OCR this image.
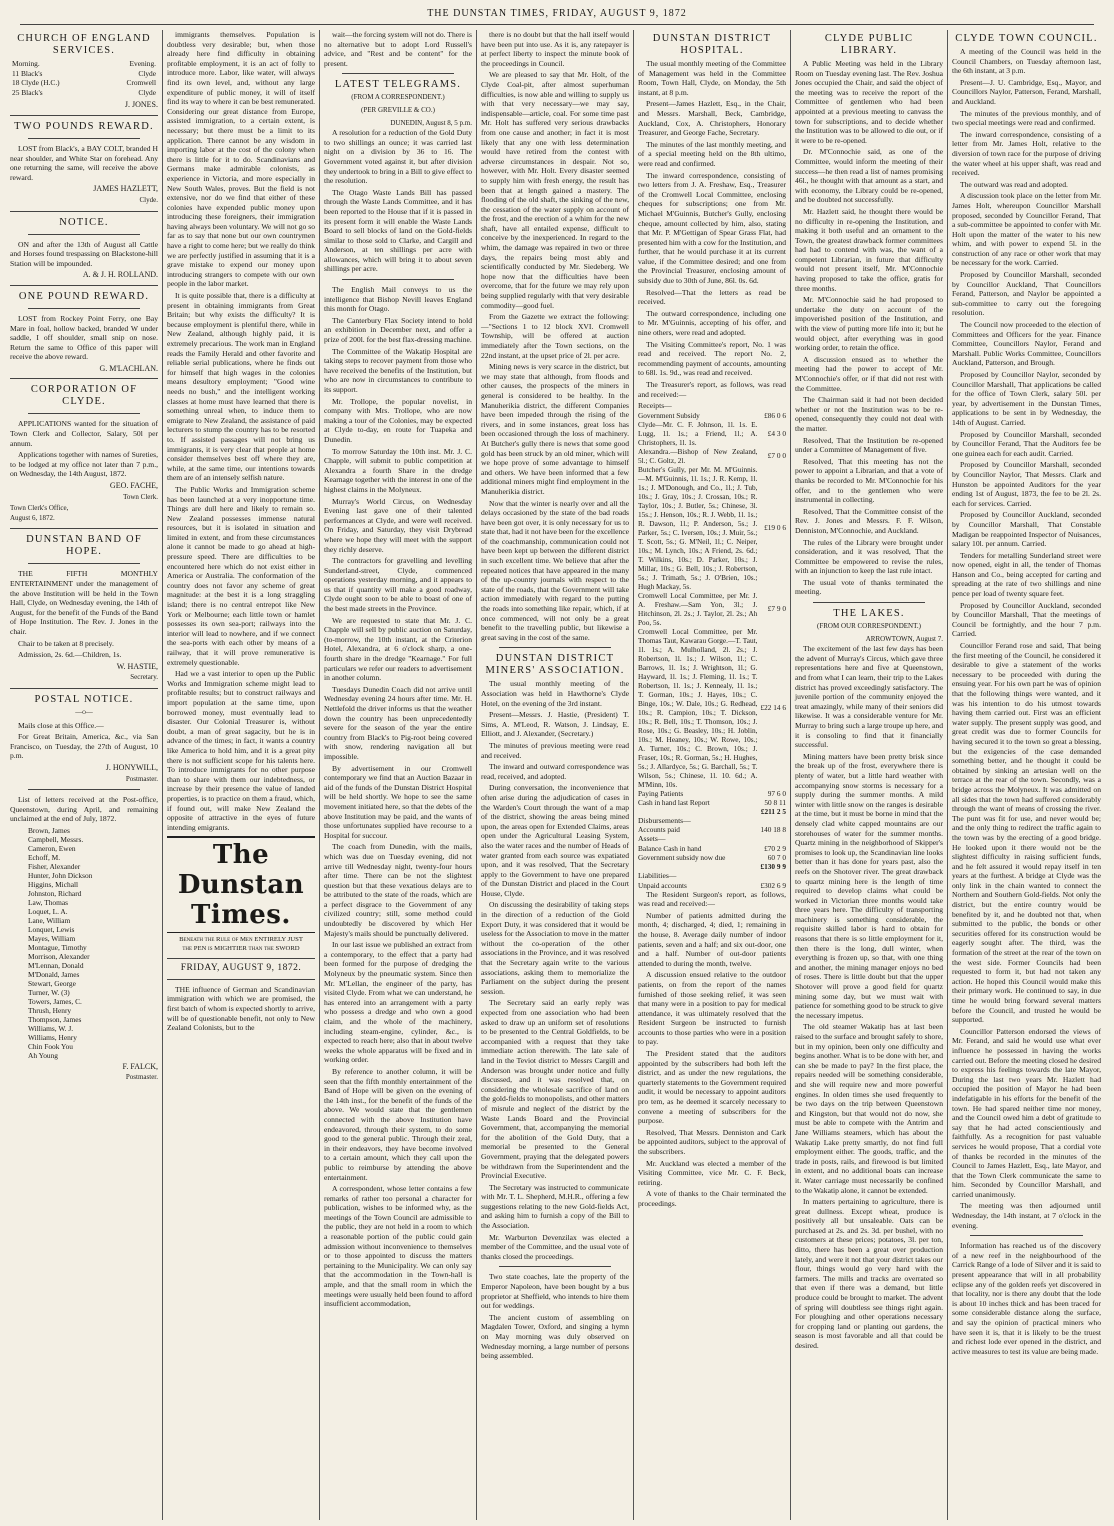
THE DUNSTAN TIMES, FRIDAY, AUGUST 9, 1872
CHURCH OF ENGLAND SERVICES.
Morning.	Evening.
11 Black's	Clyde
18 Clyde (H.C.)	Cromwell
25 Black's	Clyde
J. JONES.
TWO POUNDS REWARD.

LOST from Black's, a BAY COLT, branded H near shoulder, and White Star on forehead. Any one returning the same, will receive the above reward.

JAMES HAZLETT,
Clyde.
NOTICE.

ON and after the 13th of August all Cattle and Horses found trespassing on Blackstone-hill Station will be impounded.

A. & J. H. ROLLAND.
ONE POUND REWARD.

LOST from Rockey Point Ferry, one Bay Mare in foal, hollow backed, branded W under saddle, I off shoulder, small snip on nose. Return the same to Office of this paper will receive the above reward.

G. M'LACHLAN.
CORPORATION OF CLYDE.

APPLICATIONS wanted for the situation of Town Clerk and Collector, Salary, 50l per annum.

Applications together with names of Sureties, to be lodged at my office not later than 7 p.m., on Wednesday, the 14th August, 1872.

GEO. FACHE,
Town Clerk.
Town Clerk's Office,
August 6, 1872.
DUNSTAN BAND OF HOPE.

THE FIFTH MONTHLY ENTERTAINMENT under the management of the above Institution will be held in the Town Hall, Clyde, on Wednesday evening, the 14th of August, for the benefit of the Funds of the Band of Hope Institution. The Rev. J. Jones in the chair.

Chair to be taken at 8 precisely.

Admission, 2s. 6d.—Children, 1s.

W. HASTIE,
Secretary.
POSTAL NOTICE.
—o—

Mails close at this Office.—

For Great Britain, America, &c., via San Francisco, on Tuesday, the 27th of August, 10 p.m.

J. HONYWILL,
Postmaster.

List of letters received at the Post-office, Queenstown, during April, and remaining unclaimed at the end of July, 1872.

Brown, James
Campbell, Messrs.
Cameron, Ewen
Echoff, M.
Fisher, Alexander
Hunter, John Dickson
Higgins, Michall
Johnston, Richard
Law, Thomas
Loquet, L. A.
Lane, William
Lonquet, Lewis
Mayes, William
Montague, Timothy
Morrison, Alexander
M'Lennan, Donald
M'Donald, James
Stewart, George
Turner, W. (3)
Towers, James, C.
Thrush, Henry
Thompson, James
Williams, W. J.
Williams, Henry
Chin Fook You
Ah Young
F. FALCK,
Postmaster.

immigrants themselves. Population is doubtless very desirable; but, when those already here find difficulty in obtaining profitable employment, it is an act of folly to introduce more. Labor, like water, will always find its own level, and, without any large expenditure of public money, it will of itself find its way to where it can be best remunerated. Considering our great distance from Europe, assisted immigration, to a certain extent, is necessary; but there must be a limit to its application. There cannot be any wisdom in importing labor at the cost of the colony when there is little for it to do. Scandinavians and Germans make admirable colonists, as experience in Victoria, and more especially in New South Wales, proves. But the field is not extensive, nor do we find that either of these colonies have expended public money upon introducing these foreigners, their immigration having always been voluntary. We will not go so far as to say that none but our own countrymen have a right to come here; but we really do think we are perfectly justified in assuming that it is a grave mistake to expend our money upon introducing strangers to compete with our own people in the labor market.

It is quite possible that, there is a difficulty at present in obtaining immigrants from Great Britain; but why exists the difficulty? It is because employment is plentiful there, while in New Zealand, although highly paid, it is extremely precarious. The work man in England reads the Family Herald and other favorite and reliable serial publications, where he finds out for himself that high wages in the colonies means desultory employment; "Good wine needs no bush," and the intelligent working classes at home must have learned that there is something unreal when, to induce them to emigrate to New Zealand, the assistance of paid lecturers to stump the country has to be resorted to. If assisted passages will not bring us immigrants, it is very clear that people at home consider themselves best off where they are, while, at the same time, our intentions towards them are of an intensely selfish nature.

The Public Works and Immigration scheme has been launched at a very inopportune time. Things are dull here and likely to remain so. New Zealand possesses immense natural resources, but it is isolated in situation and limited in extent, and from these circumstances alone it cannot be made to go ahead at high-pressure speed. There are difficulties to be encountered here which do not exist either in America or Australia. The conformation of the country does not favor any scheme of great magnitude: at the best it is a long straggling island; there is no central entrepot like New York or Melbourne; each little town or hamlet possesses its own sea-port; railways into the interior will lead to nowhere, and if we connect the sea-ports with each other by means of a railway, that it will prove remunerative is extremely questionable.

Had we a vast interior to open up the Public Works and Immigration scheme might lead to profitable results; but to construct railways and import population at the same time, upon borrowed money, must eventually lead to disaster. Our Colonial Treasurer is, without doubt, a man of great sagacity, but he is in advance of the times; in fact, it wants a country like America to hold him, and it is a great pity there is not sufficient scope for his talents here. To introduce immigrants for no other purpose than to share with them our indebtedness, or increase by their presence the value of landed properties, is to practice on them a fraud, which, if found out, will make New Zealand the opposite of attractive in the eyes of future intending emigrants.

The Dunstan Times.
Beneath the Rule of Men ENTIRELY JUST
the PEN is MIGHTIER than the SWORD
FRIDAY, AUGUST 9, 1872.

THE influence of German and Scandinavian immigration with which we are promised, the first batch of whom is expected shortly to arrive, will be of questionable benefit, not only to New Zealand Colonists, but to the

wait—the forcing system will not do. There is no alternative but to adopt Lord Russell's advice, and "Rest and be content" for the present.

LATEST TELEGRAMS.
(FROM A CORRESPONDENT.)
(PER GREVILLE & CO.)
DUNEDIN, August 8, 5 p.m.

A resolution for a reduction of the Gold Duty to two shillings an ounce; it was carried last night on a division by 36 to 16. The Government voted against it, but after division they undertook to bring in a Bill to give effect to the resolution.

The Otago Waste Lands Bill has passed through the Waste Lands Committee, and it has been reported to the House that if it is passed in its present form it will enable the Waste Lands Board to sell blocks of land on the Gold-fields similar to those sold to Clarke, and Cargill and Anderson, at ten shillings per acre with allowances, which will bring it to about seven shillings per acre.

The English Mail conveys to us the intelligence that Bishop Nevill leaves England this month for Otago.

The Canterbury Flax Society intend to hold an exhibition in December next, and offer a prize of 200l. for the best flax-dressing machine.

The Committee of the Wakatip Hospital are taking steps to recover payment from those who have received the benefits of the Institution, but who are now in circumstances to contribute to its support.

Mr. Trollope, the popular novelist, in company with Mrs. Trollope, who are now making a tour of the Colonies, may be expected at Clyde to-day, en route for Tuapeka and Dunedin.

To morrow Saturday the 10th inst. Mr. J. C. Chapple, will submit to public competition at Alexandra a fourth Share in the dredge Kearnage together with the interest in one of the highest claims in the Molyneux.

Murray's World Circus, on Wednesday Evening last gave one of their talented performances at Clyde, and were well received. On Friday, and Saturday, they visit Drybread where we hope they will meet with the support they richly deserve.

The contractors for gravelling and levelling Sunderland-street, Clyde, commenced operations yesterday morning, and it appears to us that if quantity will make a good roadway, Clyde ought soon to be able to boast of one of the best made streets in the Province.

We are requested to state that Mr. J. C. Chapple will sell by public auction on Saturday, (to-morrow, the 10th instant, at the Criterion Hotel, Alexandra, at 6 o'clock sharp, a one-fourth share in the dredge "Kearnage." For full particulars we refer our readers to advertisement in another column.

Tuesdays Dunedin Coach did not arrive until Wednesday evening 24 hours after time. Mr. H. Nettlefold the driver informs us that the weather down the country has been unprecedentedly severe for the season of the year the entire country from Black's to Pig-root being covered with snow, rendering navigation all but impossible.

By advertisement in our Cromwell contemporary we find that an Auction Bazaar in aid of the funds of the Dunstan District Hospital will be held shortly. We hope to see the same movement initiated here, so that the debts of the above Institution may be paid, and the wants of those unfortunates supplied have recourse to a Hospital for succour.

The coach from Dunedin, with the mails, which was due on Tuesday evening, did not arrive till Wednesday night, twenty-four hours after time. There can be not the slightest question but that these vexatious delays are to be attributed to the state of the roads, which are a perfect disgrace to the Government of any civilized country; still, some method could undoubtedly be discovered by which Her Majesty's mails should be punctually delivered.

In our last issue we published an extract from a contemporary, to the effect that a party had been formed for the purpose of dredging the Molyneux by the pneumatic system. Since then Mr. M'Lellan, the engineer of the party, has visited Clyde. From what we can understand, he has entered into an arrangement with a party who possess a dredge and who own a good claim, and the whole of the machinery, including steam-engine, cylinder, &c., is expected to reach here; also that in about twelve weeks the whole apparatus will be fixed and in working order.

By reference to another column, it will be seen that the fifth monthly entertainment of the Band of Hope will be given on the evening of the 14th inst., for the benefit of the funds of the above. We would state that the gentlemen connected with the above Institution have endeavored, through their system, to do some good to the general public. Through their zeal, in their endeavors, they have become involved to a certain amount, which they call upon the public to reimburse by attending the above entertainment.

A correspondent, whose letter contains a few remarks of rather too personal a character for publication, wishes to be informed why, as the meetings of the Town Council are admissible to the public, they are not held in a room to which a reasonable portion of the public could gain admission without inconvenience to themselves or to those appointed to discuss the matters pertaining to the Municipality. We can only say that the accommodation in the Town-hall is ample, and that the small room in which the meetings were usually held been found to afford insufficient accommodation,

there is no doubt but that the hall itself would have been put into use. As it is, any ratepayer is at perfect liberty to inspect the minute book of the proceedings in Council.

We are pleased to say that Mr. Holt, of the Clyde Coal-pit, after almost superhuman difficulties, is now able and willing to supply us with that very necessary—we may say, indispensable—article, coal. For some time past Mr. Holt has suffered very serious drawbacks from one cause and another; in fact it is most likely that any one with less determination would have retired from the contest with adverse circumstances in despair. Not so, however, with Mr. Holt. Every disaster seemed to supply him with fresh energy, the result has been that at length gained a mastery. The flooding of the old shaft, the sinking of the new, the cessation of the water supply on account of the frost, and the erection of a whim for the new shaft, have all entailed expense, difficult to conceive by the inexperienced. In regard to the whim, the damage was repaired in two or three days, the repairs being most ably and scientifically conducted by Mr. Siedeberg. We hope now that the difficulties have been overcome, that for the future we may rely upon being supplied regularly with that very desirable commodity—good fuel.

From the Gazette we extract the following:—"Sections 1 to 12 block XVI. Cromwell Township, will be offered at auction immediately after the Town sections, on the 22nd instant, at the upset price of 2l. per acre.

Mining news is very scarce in the district, but we may state that although, from floods and other causes, the prospects of the miners in general is considered to be healthy. In the Manuherikia district, the different Companies have been impeded through the rising of the rivers, and in some instances, great loss has been occasioned through the loss of machinery. At Butcher's gully there is news that some good gold has been struck by an old miner, which will we hope prove of some advantage to himself and others. We have been informed that a few additional miners might find employment in the Manuherikia district.

Now that the winter is nearly over and all the delays occasioned by the state of the bad roads have been got over, it is only necessary for us to state that, had it not have been for the excellence of the coachmanship, communication could not have been kept up between the different district in such excellent time. We believe that after the repeated notices that have appeared in the many of the up-country journals with respect to the state of the roads, that the Government will take action immediately with regard to the putting the roads into something like repair, which, if at once commenced, will not only be a great benefit to the travelling public, but likewise a great saving in the cost of the same.

DUNSTAN DISTRICT MINERS' ASSOCIATION.

The usual monthly meeting of the Association was held in Hawthorne's Clyde Hotel, on the evening of the 3rd instant.

Present—Messrs. J. Hastie, (President) T. Sims, A. M'Leod, R. Watson, J. Lindsay, E. Elliott, and J. Alexander, (Secretary.)

The minutes of previous meeting were read and received.

The inward and outward correspondence was read, received, and adopted.

During conversation, the inconvenience that often arise during the adjudication of cases in the Warden's Court through the want of a map of the district, showing the areas being mined upon, the areas open for Extended Claims, areas open under the Agricultural Leasing System, also the water races and the number of Heads of water granted from each source was expatiated upon, and it was resolved, That the Secretary apply to the Government to have one prepared of the Dunstan District and placed in the Court House, Clyde.

On discussing the desirability of taking steps in the direction of a reduction of the Gold Export Duty, it was considered that it would be useless for the Association to move in the matter without the co-operation of the other associations in the Province, and it was resolved that the Secretary again write to the various associations, asking them to memorialize the Parliament on the subject during the present session.

The Secretary said an early reply was expected from one association who had been asked to draw up an uniform set of resolutions to be presented to the Central Goldfields, to be accompanied with a request that they take immediate action therewith. The late sale of land in the Teviot district to Messrs Cargill and Anderson was brought under notice and fully discussed, and it was resolved that, on considering the wholesale sacrifice of land on the gold-fields to monopolists, and other matters of misrule and neglect of the district by the Waste Lands Board and the Provincial Government, that, accompanying the memorial for the abolition of the Gold Duty, that a memorial be presented to the General Government, praying that the delegated powers be withdrawn from the Superintendent and the Provincial Executive.

The Secretary was instructed to communicate with Mr. T. L. Shepherd, M.H.R., offering a few suggestions relating to the new Gold-fields Act, and asking him to furnish a copy of the Bill to the Association.

Mr. Warburton Devenzilax was elected a member of the Committee, and the usual vote of thanks closed the proceedings.

Two state coaches, late the property of the Emperor Napoleon, have been bought by a bus proprietor at Sheffield, who intends to hire them out for weddings.

The ancient custom of assembling on Magdalen Tower, Oxford, and singing a hymn on May morning was duly observed on Wednesday morning, a large number of persons being assembled.

DUNSTAN DISTRICT HOSPITAL.

The usual monthly meeting of the Committee of Management was held in the Committee Room, Town Hall, Clyde, on Monday, the 5th instant, at 8 p.m.

Present—James Hazlett, Esq., in the Chair, and Messrs. Marshall, Beck, Cambridge, Auckland, Cox, A. Christophers, Honorary Treasurer, and George Fache, Secretary.

The minutes of the last monthly meeting, and of a special meeting held on the 8th ultimo, were read and confirmed.

The inward correspondence, consisting of two letters from J. A. Freshaw, Esq., Treasurer of the Cromwell Local Committee, enclosing cheques for subscriptions; one from Mr. Michael M'Guinnis, Butcher's Gully, enclosing cheque, amount collected by him, also, stating that Mr. P. M'Gettigan of Spear Grass Flat, had presented him with a cow for the Institution, and further, that he would purchase it at its current value, if the Committee desired; and one from the Provincial Treasurer, enclosing amount of subsidy due to 30th of June, 86l. 0s. 6d.

Resolved—That the letters as read be received.

The outward correspondence, including one to Mr. M'Guinnis, accepting of his offer, and nine others, were read and adopted.

The Visiting Committee's report, No. 1 was read and received. The report No. 2, recommending payment of accounts, amounting to 68l. 1s. 9d., was read and received.

The Treasurer's report, as follows, was read and received:—

Receipts—
Government Subsidy	£86 0 6
Clyde—Mr. C. F. Johnson, 1l. 1s. E. Lugg, 1l. 1s.; a Friend, 1l.; A. Christophers, 1l. 1s.	£4 3 0
Alexandra.—Bishop of New Zealand, 5l.; C. Goltz, 2l.	£7 0 0
Butcher's Gully, per Mr. M. M'Guinnis.—M. M'Guinnis, 1l. 1s.; J. R. Kemp, 1l. 1s.; J. M'Donough, and Co., 1l.; J. Tub, 10s.; J. Gray, 10s.; J. Crossan, 10s.; R. Taylor, 10s.; J. Butler, 5s.; Chinese, 3l. 15s.; J. Henson, 10s.; R. J. Webb, 1l. 1s.; R. Dawson, 1l.; P. Anderson, 5s.; J. Parker, 5s.; C. Iversen, 10s.; J. Muir, 5s.; T. Scott, 5s.; G. M'Neil, 1l.; C. Neiper, 10s.; M. Lynch, 10s.; A Friend, 2s. 6d.; T. Wilkins, 10s.; D. Parker, 10s.; J. Millar, 10s.; G. Bell, 10s.; J. Robertson, 5s.; J. Trimath, 5s.; J. O'Brien, 10s.; Hugh Mackay, 5s.	£19 0 6
Cromwell Local Committee, per Mr. J. A. Freshaw.—Sam Yon, 3l.; J. Hitchinson, 2l. 2s.; J. Taylor, 2l. 2s.; Ah Poo, 5s.	£7 9 0
Cromwell Local Committee, per Mr. Thomas Taut, Kawarau Gorge.—T. Taut, 1l. 1s.; A. Mulholland, 2l. 2s.; J. Robertson, 1l. 1s.; J. Wilson, 1l.; C. Barrows, 1l. 1s.; J. Wrightson, 1l.; G. Hayward, 1l. 1s.; J. Fleming, 1l. 1s.; T. Robertson, 1l. 1s.; J. Kennealy, 1l. 1s.; T. Gorman, 10s.; J. Hayes, 10s.; C. Binge, 10s.; W. Dale, 10s.; G. Redhead, 10s.; R. Campion, 10s.; T. Dickson, 10s.; R. Bell, 10s.; T. Thomson, 10s.; J. Rose, 10s.; G. Beasley, 10s.; H. Joblin, 10s.; M. Heaney, 10s.; W. Rowe, 10s.; A. Turner, 10s.; C. Brown, 10s.; J. Fraser, 10s.; R. Gorman, 5s.; H. Hughes, 5s.; J. Allardyce, 5s.; G. Barchall, 5s.; T. Wilson, 5s.; Chinese, 1l. 10. 6d.; A. M'Minn, 10s.	£22 14 6
Paying Patients	97 6 0
Cash in hand last Report	50 8 11
	£211 2 5
Disbursements—
Accounts paid	140 18 8
Assets—
Balance Cash in hand	£70 2 9
Government subsidy now due	60 7 0
	£130 9 9
Liabilities—
Unpaid accounts	£302 6 9

The Resident Surgeon's report, as follows, was read and received:—

Number of patients admitted during the month, 4; discharged, 4; died, 1; remaining in the house, 8. Average daily number of indoor patients, seven and a half; and six out-door, one and a half. Number of out-door patients attended to during the month, twelve.

A discussion ensued relative to the outdoor patients, on from the report of the names furnished of those seeking relief, it was seen that many were in a position to pay for medical attendance, it was ultimately resolved that the Resident Surgeon be instructed to furnish accounts to those parties who were in a position to pay.

The President stated that the auditors appointed by the subscribers had both left the district, and as under the new regulations, the quarterly statements to the Government required audit, it would be necessary to appoint auditors pro tem, as he deemed it scarcely necessary to convene a meeting of subscribers for the purpose.

Resolved, That Messrs. Denniston and Cark be appointed auditors, subject to the approval of the subscribers.

Mr. Auckland was elected a member of the Visiting Committee, vice Mr. C. F. Beck, retiring.

A vote of thanks to the Chair terminated the proceedings.

CLYDE PUBLIC LIBRARY.

A Public Meeting was held in the Library Room on Tuesday evening last. The Rev. Joshua Jones occupied the Chair, and said the object of the meeting was to receive the report of the Committee of gentlemen who had been appointed at a previous meeting to canvass the town for subscriptions, and to decide whether the Institution was to be allowed to die out, or if it were to be re-opened.

Dr. M'Connochie said, as one of the Committee, would inform the meeting of their success—he then read a list of names promising 46l., he thought with that amount as a start, and with economy, the Library could be re-opened, and be doubted not successfully.

Mr. Hazlett said, he thought there would be no difficulty in re-opening the Institution, and making it both useful and an ornament to the Town, the greatest drawback former committees had had to contend with was, the want of a competent Librarian, in future that difficulty would not present itself, Mr. M'Connochie having proposed to take the office, gratis for three months.

Mr. M'Connochie said he had proposed to undertake the duty on account of the impoverished position of the Institution, and with the view of putting more life into it; but he would object, after everything was in good working order, to retain the office.

A discussion ensued as to whether the meeting had the power to accept of Mr. M'Connochie's offer, or if that did not rest with the Committee.

The Chairman said it had not been decided whether or not the Institution was to be re-opened, consequently they could not deal with the matter.

Resolved, That the Institution be re-opened under a Committee of Management of five.

Resolved, That this meeting has not the power to appoint a Librarian, and that a vote of thanks be recorded to Mr. M'Connochie for his offer, and to the gentlemen who were instrumental in collecting.

Resolved, That the Committee consist of the Rev. J. Jones and Messrs. F. F. Wilson, Denniston, M'Connochie, and Auckland.

The rules of the Library were brought under consideration, and it was resolved, That the Committee be empowered to revise the rules, with an injunction to keep the last rule intact.

The usual vote of thanks terminated the meeting.

THE LAKES.
(FROM OUR CORRESPONDENT.)
ARROWTOWN, August 7.

The excitement of the last few days has been the advent of Murray's Circus, which gave three representations here and five at Queenstown, and from what I can learn, their trip to the Lakes district has proved exceedingly satisfactory. The juvenile portion of the community enjoyed the treat amazingly, while many of their seniors did likewise. It was a considerable venture for Mr. Murray to bring such a large troupe up here, and it is consoling to find that it financially successful.

Mining matters have been pretty brisk since the break up of the frost, everywhere there is plenty of water, but a little hard weather with accompanying snow storms is necessary for a supply during the summer months. A mild winter with little snow on the ranges is desirable at the time, but it must be borne in mind that the densely clad white capped mountains are our storehouses of water for the summer months. Quartz mining in the neighborhood of Skipper's promises to look up, the Scandinavian line looks better than it has done for years past, also the reefs on the Shotover river. The great drawback to quartz mining here is the length of time required to develop claims what could be worked in Victorian three months would take three years here. The difficulty of transporting machinery is something considerable, the requisite skilled labor is hard to obtain for reasons that there is so little employment for it, then there is the long, dull winter, when everything is frozen up, so that, with one thing and another, the mining manager enjoys no bed of roses. There is little doubt but that the upper Shotover will prove a good field for quartz mining some day, but we must wait with patience for something good to be struck to give the necessary impetus.

The old steamer Wakatip has at last been raised to the surface and brought safely to shore, but in my opinion, been only one difficulty and begins another. What is to be done with her, and can she be made to pay? In the first place, the repairs needed will be something considerable, and she will require new and more powerful engines. In olden times she used frequently to be two days on the trip between Queenstown and Kingston, but that would not do now, she must be able to compete with the Antrim and Jane Williams steamers, which has about the Wakatip Lake pretty smartly, do not find full employment either. The goods, traffic, and the trade in posts, rails, and firewood is but limited in extent, and no additional boats can increase it. Water carriage must necessarily be confined to the Wakatip alone, it cannot be extended.

In matters pertaining to agriculture, there is great dullness. Except wheat, produce is positively all but unsaleable. Oats can be purchased at 2s. and 2s. 3d. per bushel, with no customers at these prices; potatoes, 3l. per ton, ditto, there has been a great over production lately, and were it not that your district takes our flour, things would go very hard with the farmers. The mills and tracks are overrated so that even if there was a demand, but little produce could be brought to market. The advent of spring will doubtless see things right again. For ploughing and other operations necessary for cropping land or planting out gardens, the season is most favorable and all that could be desired.

CLYDE TOWN COUNCIL.

A meeting of the Council was held in the Council Chambers, on Tuesday afternoon last, the 6th instant, at 3 p.m.

Present—J. U. Cambridge, Esq., Mayor, and Councillors Naylor, Patterson, Ferand, Marshall, and Auckland.

The minutes of the previous monthly, and of two special meetings were read and confirmed.

The inward correspondence, consisting of a letter from Mr. James Holt, relative to the diversion of town race for the purpose of driving the water wheel at his upper shaft, was read and received.

The outward was read and adopted.

A discussion took place on the letter from Mr. James Holt, whereupon Councillor Marshall proposed, seconded by Councillor Ferand, That a sub-committee be appointed to confer with Mr. Holt upon the matter of the water to his new whim, and with power to expend 5l. in the construction of any race or other work that may be necessary for the work. Carried.

Proposed by Councillor Marshall, seconded by Councillor Auckland, That Councillors Ferand, Patterson, and Naylor be appointed a sub-committee to carry out the foregoing resolution.

The Council now proceeded to the election of Committees and Officers for the year. Finance Committee, Councillors Naylor, Ferand and Marshall. Public Works Committee, Councillors Auckland, Patterson, and Brough.

Proposed by Councillor Naylor, seconded by Councillor Marshall, That applications be called for the office of Town Clerk, salary 50l. per year, by advertisement in the Dunstan Times, applications to be sent in by Wednesday, the 14th of August. Carried.

Proposed by Councillor Marshall, seconded by Councillor Ferand, That the Auditors fee be one guinea each for each audit. Carried.

Proposed by Councillor Marshall, seconded by Councillor Naylor, That Messrs. Clark and Hunston be appointed Auditors for the year ending 1st of August, 1873, the fee to be 2l. 2s. each for services. Carried.

Proposed by Councillor Auckland, seconded by Councillor Marshall, That Constable Madigan be reappointed Inspector of Nuisances, salary 10l. per annum. Carried.

Tenders for metalling Sunderland street were now opened, eight in all, the tender of Thomas Hanson and Co., being accepted for carting and spreading at the rate of two shillings and nine pence per load of twenty square feet.

Proposed by Councillor Auckland, seconded by Councillor Marshall, That the meetings of Council be fortnightly, and the hour 7 p.m. Carried.

Councillor Ferand rose and said, That being the first meeting of the Council, he considered it desirable to give a statement of the works necessary to be proceeded with during the ensuing year. For his own part he was of opinion that the following things were wanted, and it was his intention to do his utmost towards having them carried out. First was an efficient water supply. The present supply was good, and great credit was due to former Councils for having secured it to the town so great a blessing, but the exigencies of the case demanded something better, and he thought it could be obtained by sinking an artesian well on the terrace at the rear of the town. Secondly, was a bridge across the Molyneux. It was admitted on all sides that the town had suffered considerably through the want of means of crossing the river. The punt was fit for use, and never would be; and the only thing to redirect the traffic again to the town was by the erecting of a good bridge. He looked upon it there would not be the slightest difficulty in raising sufficient funds, and he felt assured it would repay itself in ten years at the furthest. A bridge at Clyde was the only link in the chain wanted to connect the Northern and Southern Gold-fields. Not only the district, but the entire country would be benefited by it, and he doubted not that, when submitted to the public, the bonds or other securities offered for its construction would be eagerly sought after. The third, was the formation of the street at the rear of the town on the west side. Former Councils had been requested to form it, but had not taken any action. He hoped this Council would make this their primary work. He continued to say, in due time he would bring forward several matters before the Council, and trusted he would be supported.

Councillor Patterson endorsed the views of Mr. Ferand, and said he would use what ever influence he possessed in having the works carried out. Before the meeting closed he desired to express his feelings towards the late Mayor, During the last two years Mr. Hazlett had occupied the position of Mayor he had been indefatigable in his efforts for the benefit of the town. He had spared neither time nor money, and the Council owed him a debt of gratitude to say that he had acted conscientiously and faithfully. As a recognition for past valuable services he would propose, That a cordial vote of thanks be recorded in the minutes of the Council to James Hazlett, Esq., late Mayor, and that the Town Clerk communicate the same to him. Seconded by Councillor Marshall, and carried unanimously.

The meeting was then adjourned until Wednesday, the 14th instant, at 7 o'clock in the evening.

Information has reached us of the discovery of a new reef in the neighbourhood of the Carrick Range of a lode of Silver and it is said to present appearance that will in all probability eclipse any of the golden reefs yet discovered in that locality, nor is there any doubt that the lode is about 10 inches thick and has been traced for some considerable distance along the surface, and say the opinion of practical miners who have seen it is, that it is likely to be the truest and richest lode ever opened in the district, and active measures to test its value are being made.
